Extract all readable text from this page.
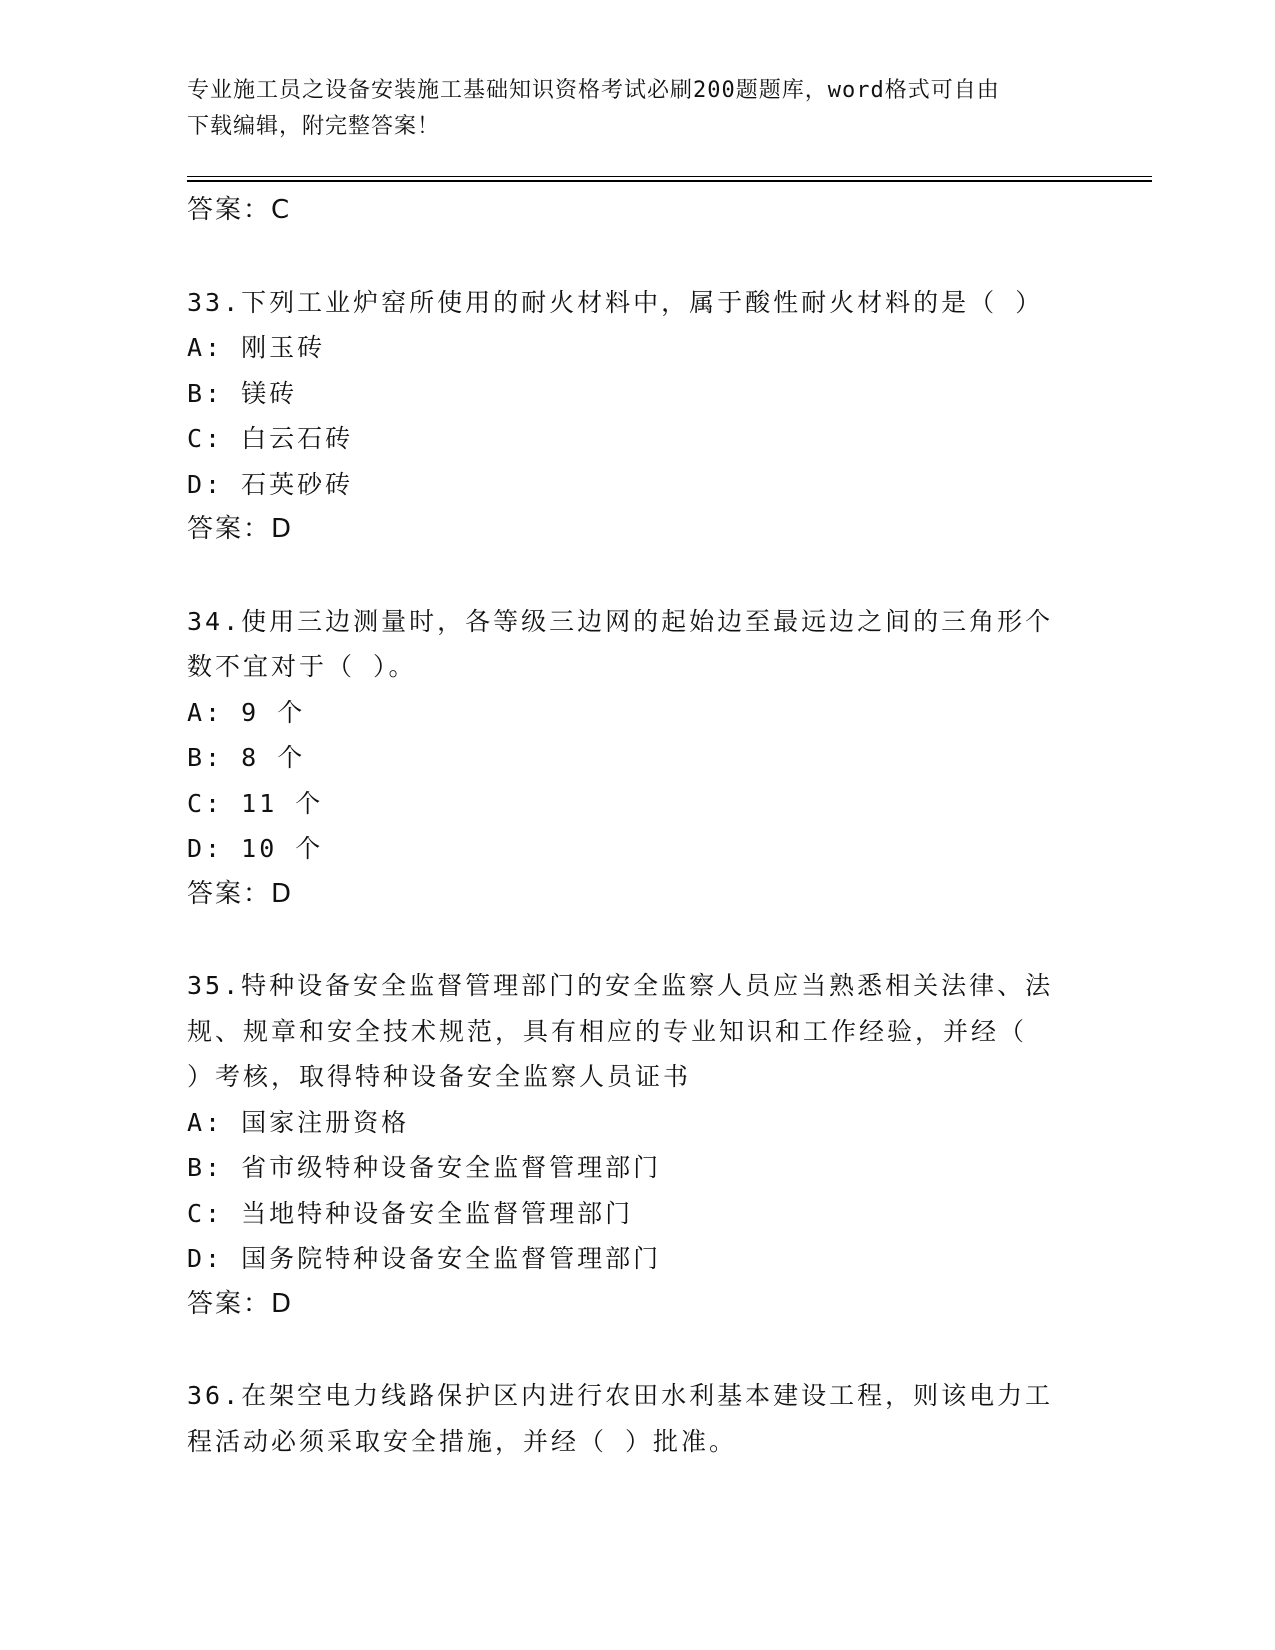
专业施工员之设备安装施工基础知识资格考试必刷200题题库，word格式可自由
下载编辑，附完整答案！
答案：C
33.下列工业炉窑所使用的耐火材料中，属于酸性耐火材料的是（ ）
A: 刚玉砖
B: 镁砖
C: 白云石砖
D: 石英砂砖
答案：D
34.使用三边测量时，各等级三边网的起始边至最远边之间的三角形个
数不宜对于（ ）。
A: 9 个
B: 8 个
C: 11 个
D: 10 个
答案：D
35.特种设备安全监督管理部门的安全监察人员应当熟悉相关法律、法
规、规章和安全技术规范，具有相应的专业知识和工作经验，并经（
）考核，取得特种设备安全监察人员证书
A: 国家注册资格
B: 省市级特种设备安全监督管理部门
C: 当地特种设备安全监督管理部门
D: 国务院特种设备安全监督管理部门
答案：D
36.在架空电力线路保护区内进行农田水利基本建设工程，则该电力工
程活动必须采取安全措施，并经（ ）批准。
